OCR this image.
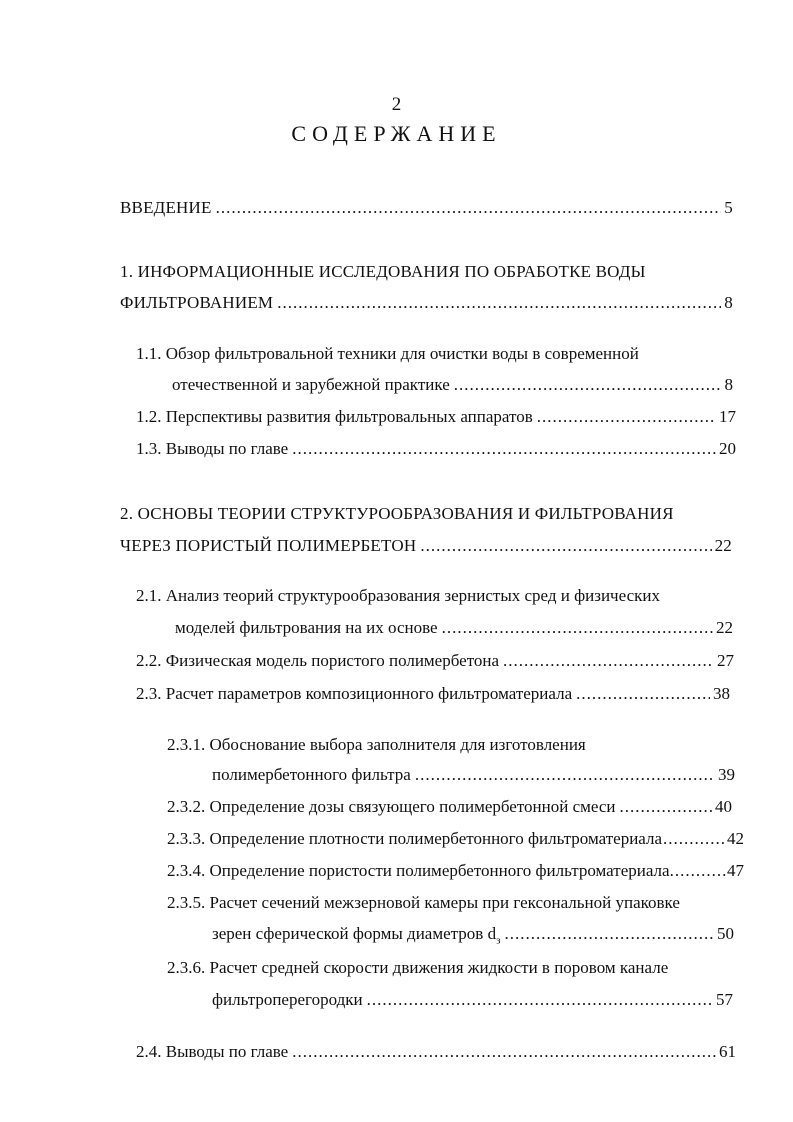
2
СОДЕРЖАНИЕ
ВВЕДЕНИЕ .....	5
1. ИНФОРМАЦИОННЫЕ ИССЛЕДОВАНИЯ ПО ОБРАБОТКЕ ВОДЫ
ФИЛЬТРОВАНИЕМ .....	8
1.1. Обзор фильтровальной техники для очистки воды в современной
отечественной и зарубежной практике .....	8
1.2. Перспективы развития фильтровальных аппаратов .....	17
1.3. Выводы по главе .....	20
2. ОСНОВЫ ТЕОРИИ СТРУКТУРООБРАЗОВАНИЯ И ФИЛЬТРОВАНИЯ
ЧЕРЕЗ ПОРИСТЫЙ ПОЛИМЕРБЕТОН .....	22
2.1. Анализ теорий структурообразования зернистых сред и физических
моделей фильтрования на их основе .....	22
2.2. Физическая модель пористого полимербетона .....	27
2.3. Расчет параметров композиционного фильтроматериала .....	38
2.3.1. Обоснование выбора заполнителя для изготовления
полимербетонного фильтра .....	39
2.3.2. Определение дозы связующего полимербетонной смеси .....	40
2.3.3. Определение плотности полимербетонного фильтроматериала .....	42
2.3.4. Определение пористости полимербетонного фильтроматериала .....	47
2.3.5. Расчет сечений межзерновой камеры при гексональной упаковке
зерен сферической формы диаметров $d_з$ .....	50
2.3.6. Расчет средней скорости движения жидкости в поровом канале
фильтроперегородки .....	57
2.4. Выводы по главе .....	61
